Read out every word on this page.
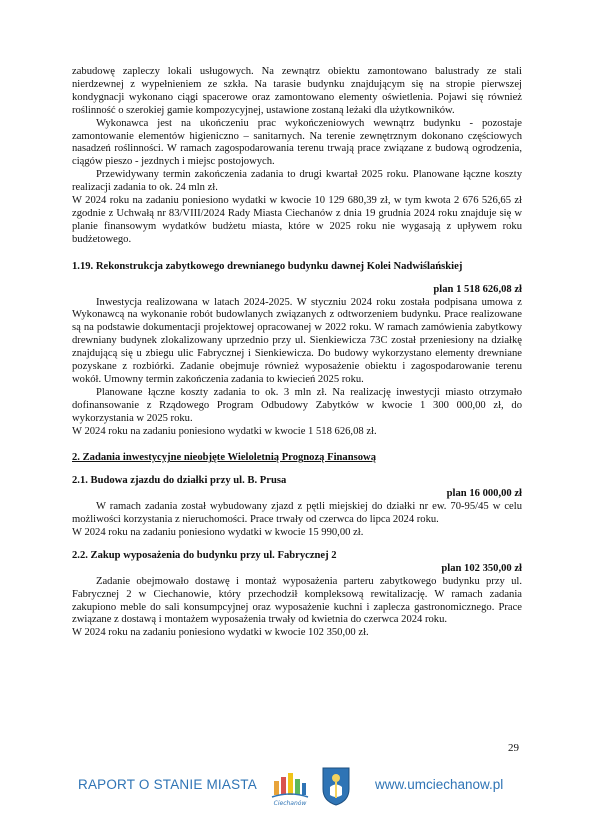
zabudowę zapleczy lokali usługowych. Na zewnątrz obiektu zamontowano balustrady ze stali nierdzewnej z wypełnieniem ze szkła. Na tarasie budynku znajdującym się na stropie pierwszej kondygnacji wykonano ciągi spacerowe oraz zamontowano elementy oświetlenia. Pojawi się również roślinność o szerokiej gamie kompozycyjnej, ustawione zostaną leżaki dla użytkowników.

Wykonawca jest na ukończeniu prac wykończeniowych wewnątrz budynku - pozostaje zamontowanie elementów higieniczno – sanitarnych. Na terenie zewnętrznym dokonano częściowych nasadzeń roślinności. W ramach zagospodarowania terenu trwają prace związane z budową ogrodzenia, ciągów pieszo - jezdnych i miejsc postojowych.

Przewidywany termin zakończenia zadania to drugi kwartał 2025 roku. Planowane łączne koszty realizacji zadania to ok. 24 mln zł.

W 2024 roku na zadaniu poniesiono wydatki w kwocie 10 129 680,39 zł, w tym kwota 2 676 526,65 zł zgodnie z Uchwałą nr 83/VIII/2024 Rady Miasta Ciechanów z dnia 19 grudnia 2024 roku znajduje się w planie finansowym wydatków budżetu miasta, które w 2025 roku nie wygasają z upływem roku budżetowego.

1.19. Rekonstrukcja zabytkowego drewnianego budynku dawnej Kolei Nadwiślańskiej

plan 1 518 626,08 zł

Inwestycja realizowana w latach 2024-2025. W styczniu 2024 roku została podpisana umowa z Wykonawcą na wykonanie robót budowlanych związanych z odtworzeniem budynku. Prace realizowane są na podstawie dokumentacji projektowej opracowanej w 2022 roku. W ramach zamówienia zabytkowy drewniany budynek zlokalizowany uprzednio przy ul. Sienkiewicza 73C został przeniesiony na działkę znajdującą się u zbiegu ulic Fabrycznej i Sienkiewicza. Do budowy wykorzystano elementy drewniane pozyskane z rozbiórki. Zadanie obejmuje również wyposażenie obiektu i zagospodarowanie terenu wokół. Umowny termin zakończenia zadania to kwiecień 2025 roku.

Planowane łączne koszty zadania to ok. 3 mln zł. Na realizację inwestycji miasto otrzymało dofinansowanie z Rządowego Program Odbudowy Zabytków w kwocie 1 300 000,00 zł, do wykorzystania w 2025 roku.

W 2024 roku na zadaniu poniesiono wydatki w kwocie 1 518 626,08 zł.

2. Zadania inwestycyjne nieobjęte Wieloletnią Prognozą Finansową

2.1. Budowa zjazdu do działki przy ul. B. Prusa

plan 16 000,00 zł

W ramach zadania został wybudowany zjazd z pętli miejskiej do działki nr ew. 70-95/45 w celu możliwości korzystania z nieruchomości. Prace trwały od czerwca do lipca 2024 roku.

W 2024 roku na zadaniu poniesiono wydatki w kwocie 15 990,00 zł.

2.2. Zakup wyposażenia do budynku przy ul. Fabrycznej 2

plan 102 350,00 zł

Zadanie obejmowało dostawę i montaż wyposażenia parteru zabytkowego budynku przy ul. Fabrycznej 2 w Ciechanowie, który przechodził kompleksową rewitalizację. W ramach zadania zakupiono meble do sali konsumpcyjnej oraz wyposażenie kuchni i zaplecza gastronomicznego. Prace związane z dostawą i montażem wyposażenia trwały od kwietnia do czerwca 2024 roku.

W 2024 roku na zadaniu poniesiono wydatki w kwocie 102 350,00 zł.

29
RAPORT O STANIE MIASTA
Ciechanów
www.umciechanow.pl
